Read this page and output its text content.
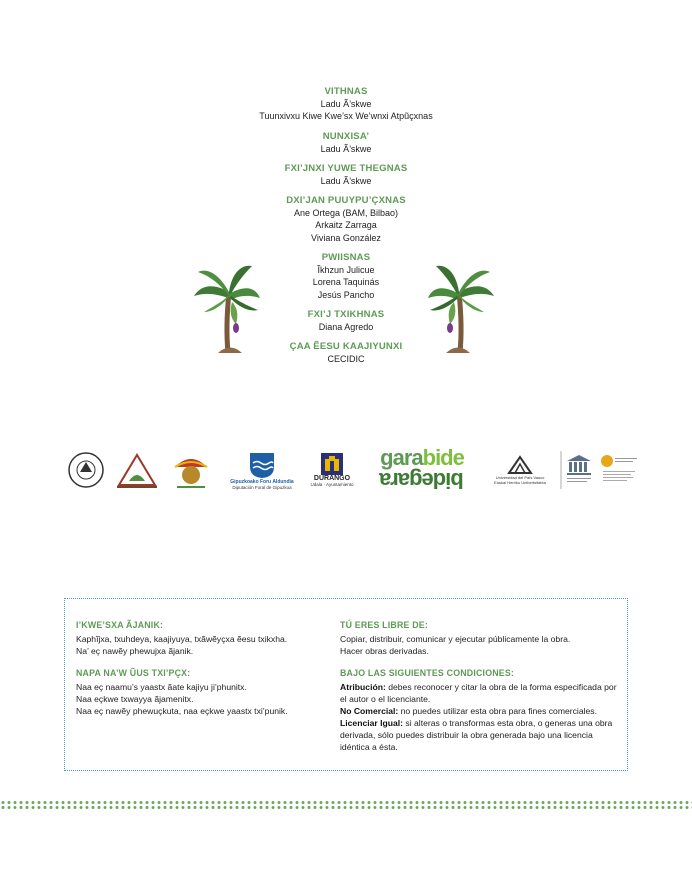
VITHNAS
Ladu Ã’skwe
Tuunxivxu Kiwe Kwe’sx We’wnxi Atpũçxnas
NUNXISA’
Ladu Ã’skwe
FXI’JNXI YUWE THEGNAS
Ladu Ã’skwe
DXI’JAN PUUYPU’ÇXNAS
Ane Ortega (BAM, Bilbao)
Arkaitz Zarraga
Viviana González
PWIISNAS
Ĩkhzun Julicue
Lorena Taquinás
Jesús Pancho
FXI’J TXIKHNAS
Diana Agredo
ÇAA ẼESU KAAJIYUNXI
CECIDIC
Gipuzkoako Foru Aldundia
Diputación Foral de Gipuzkoa
DURANGO
Udala · Ayuntamiento
garabide
bidegara	Universidad del País Vasco
Euskal Herriko Unibertsitatea
I’KWE’SXA ÃJANIK:
Kaphĩjxa, txuhdeya, kaajiyuya, txãwẽyçxa ẽesu txikxha.
Na’ eç nawẽy phewujxa ãjanik.
NAPA NA’W ŨUS TXI’PÇX:
Naa eç naamu’s yaastx ãate kajiyu ji’phunitx.
Naa eçkwe txwayya ãjamenitx.
Naa eç nawẽy phewuçkuta, naa eçkwe yaastx txi’punik.
TÚ ERES LIBRE DE:
Copiar, distribuir, comunicar y ejecutar públicamente la obra.
Hacer obras derivadas.
BAJO LAS SIGUIENTES CONDICIONES:
Atribución: debes reconocer y citar la obra de la forma especificada por el autor o el licenciante.
No Comercial: no puedes utilizar esta obra para fines comerciales.
Licenciar Igual: si alteras o transformas esta obra, o generas una obra derivada, sólo puedes distribuir la obra generada bajo una licencia idéntica a ésta.
